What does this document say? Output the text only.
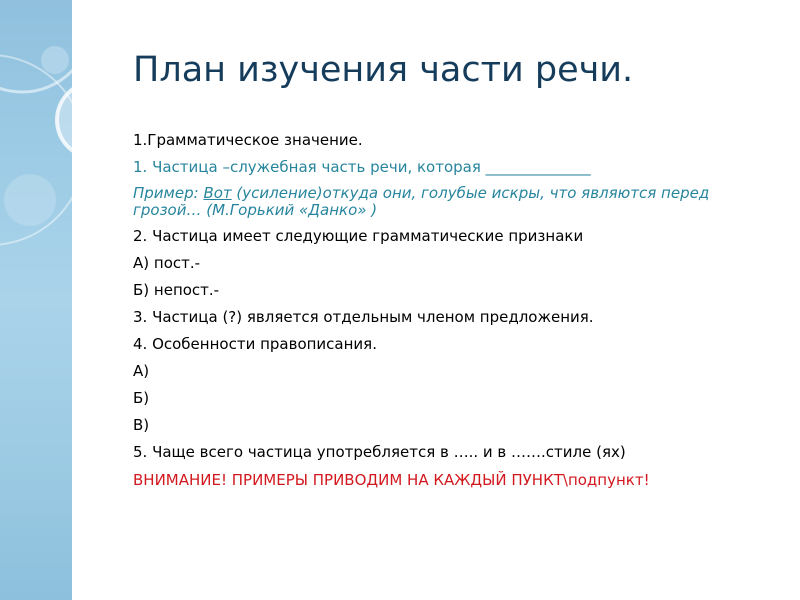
План изучения части речи.
1.Грамматическое значение.
1. Частица –служебная часть речи, которая ______________
Пример: Вот (усиление)откуда они, голубые искры, что являются перед грозой… (М.Горький «Данко» )
2. Частица имеет следующие грамматические признаки
А) пост.-
Б) непост.-
3. Частица (?) является отдельным членом предложения.
4. Особенности правописания.
А)
Б)
В)
5. Чаще всего частица употребляется в ….. и в …….стиле (ях)
ВНИМАНИЕ! ПРИМЕРЫ ПРИВОДИМ НА КАЖДЫЙ ПУНКТ\подпункт!
